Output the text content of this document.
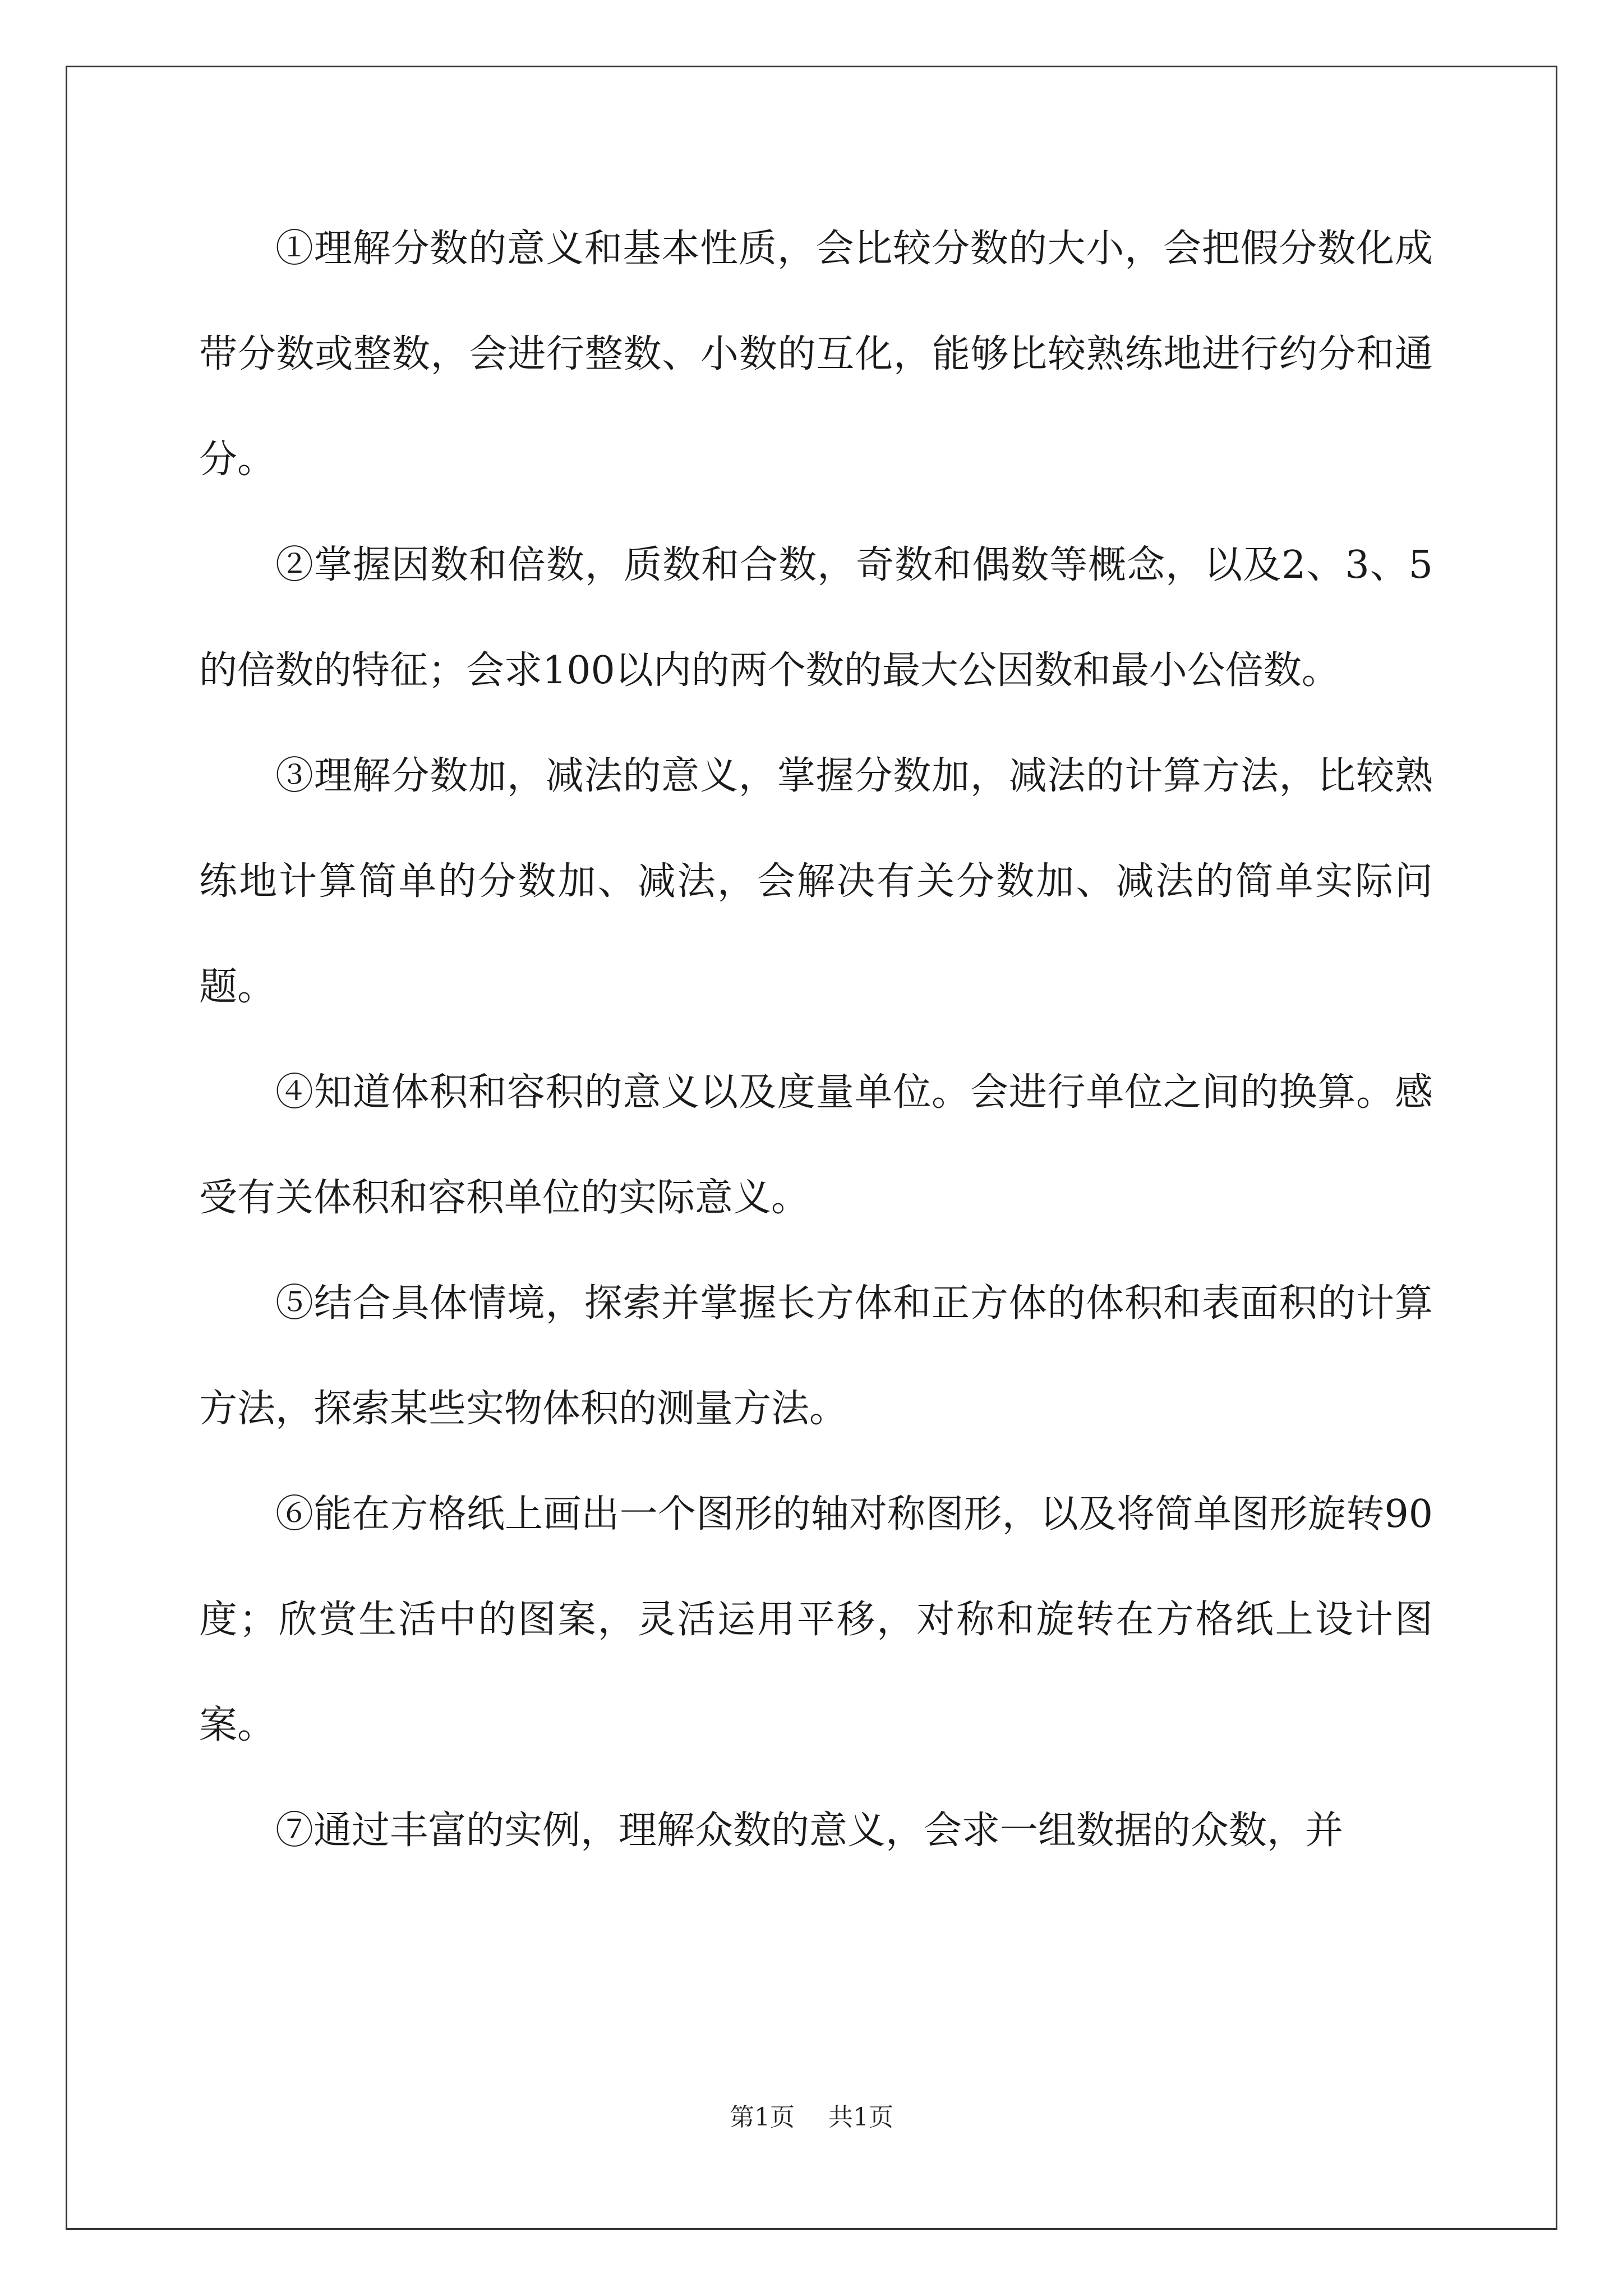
①理解分数的意义和基本性质，会比较分数的大小，会把假分数化成带分数或整数，会进行整数、小数的互化，能够比较熟练地进行约分和通分。

②掌握因数和倍数，质数和合数，奇数和偶数等概念，以及2、3、5的倍数的特征；会求100以内的两个数的最大公因数和最小公倍数。

③理解分数加，减法的意义，掌握分数加，减法的计算方法，比较熟练地计算简单的分数加、减法，会解决有关分数加、减法的简单实际问题。

④知道体积和容积的意义以及度量单位。会进行单位之间的换算。感受有关体积和容积单位的实际意义。

⑤结合具体情境，探索并掌握长方体和正方体的体积和表面积的计算方法，探索某些实物体积的测量方法。

⑥能在方格纸上画出一个图形的轴对称图形，以及将简单图形旋转90度；欣赏生活中的图案，灵活运用平移，对称和旋转在方格纸上设计图案。

⑦通过丰富的实例，理解众数的意义，会求一组数据的众数，并

第1页 共1页
